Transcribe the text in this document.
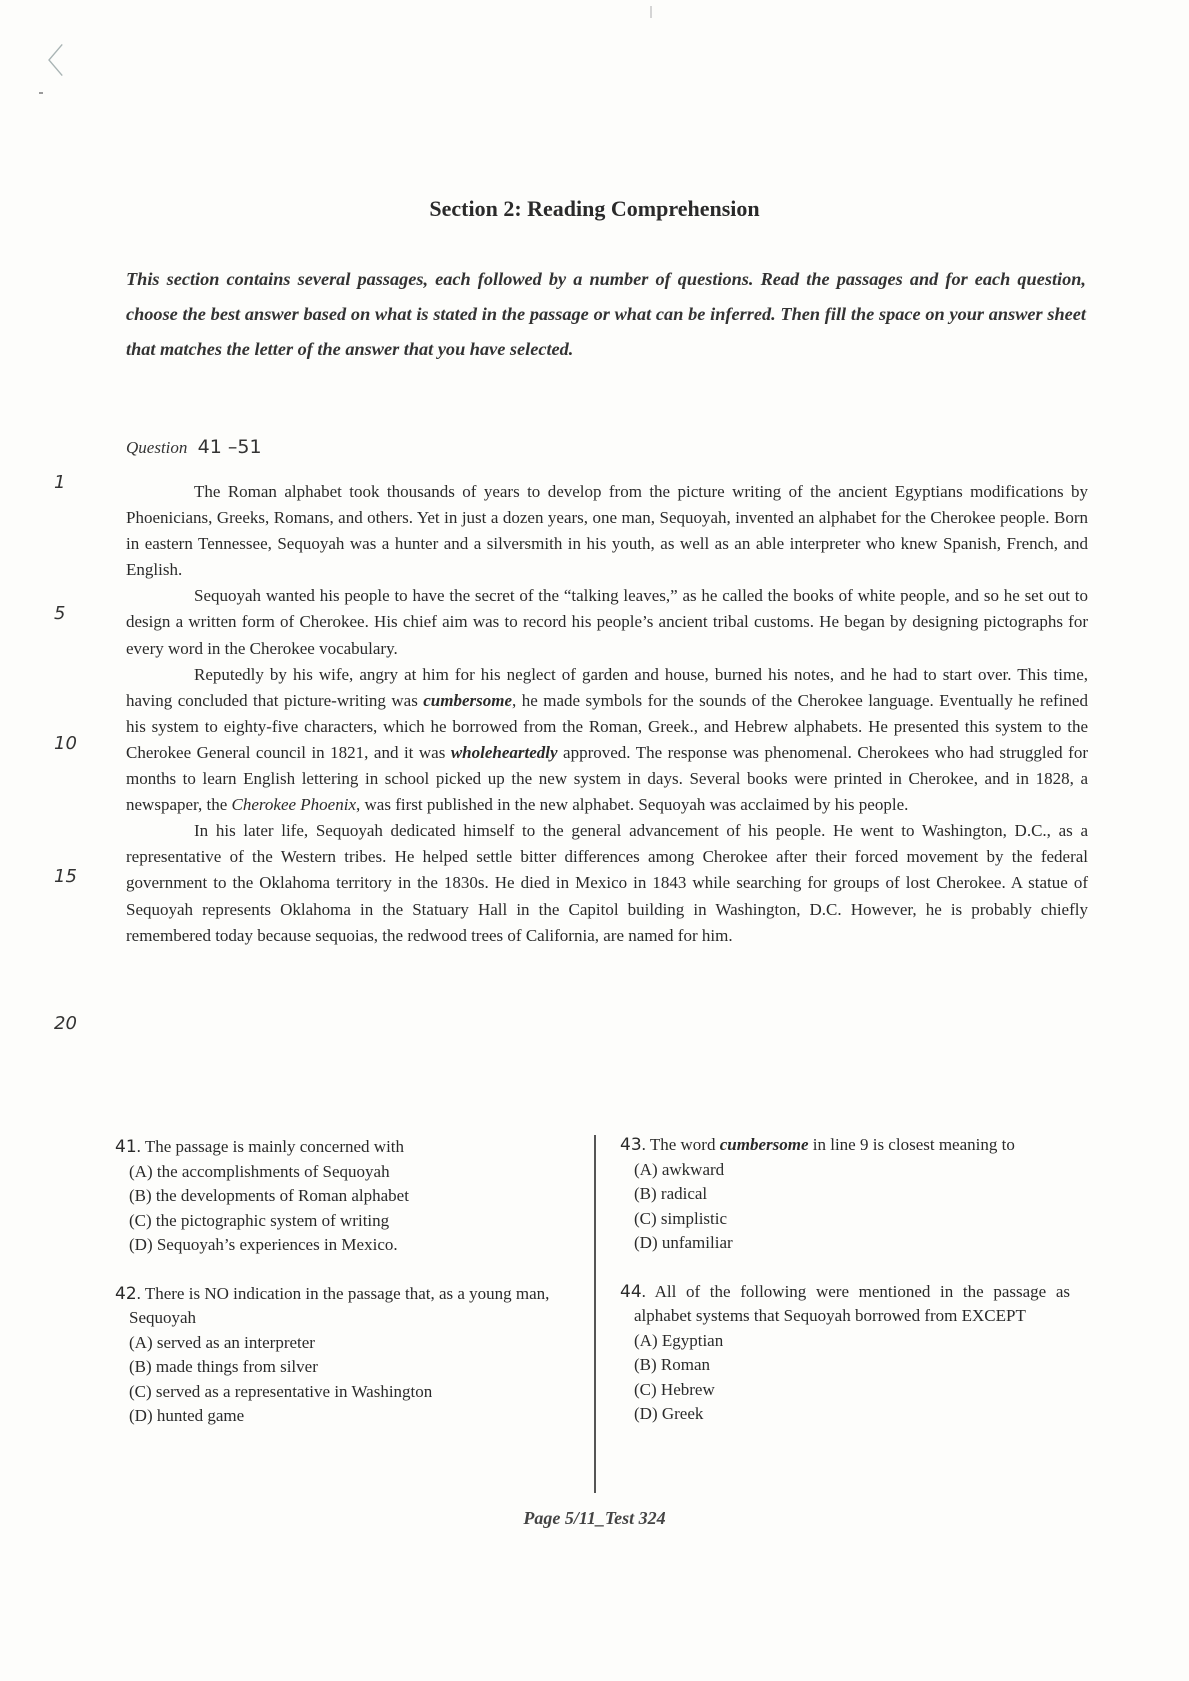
〈
Section 2: Reading Comprehension
This section contains several passages, each followed by a number of questions. Read the passages and for each question, choose the best answer based on what is stated in the passage or what can be inferred. Then fill the space on your answer sheet that matches the letter of the answer that you have selected.
Question 41 –51
1
5
10
15
20

The Roman alphabet took thousands of years to develop from the picture writing of the ancient Egyptians modifications by Phoenicians, Greeks, Romans, and others. Yet in just a dozen years, one man, Sequoyah, invented an alphabet for the Cherokee people. Born in eastern Tennessee, Sequoyah was a hunter and a silversmith in his youth, as well as an able interpreter who knew Spanish, French, and English.

Sequoyah wanted his people to have the secret of the “talking leaves,” as he called the books of white people, and so he set out to design a written form of Cherokee. His chief aim was to record his people’s ancient tribal customs. He began by designing pictographs for every word in the Cherokee vocabulary.

Reputedly by his wife, angry at him for his neglect of garden and house, burned his notes, and he had to start over. This time, having concluded that picture-writing was cumbersome, he made symbols for the sounds of the Cherokee language. Eventually he refined his system to eighty-five characters, which he borrowed from the Roman, Greek., and Hebrew alphabets. He presented this system to the Cherokee General council in 1821, and it was wholeheartedly approved. The response was phenomenal. Cherokees who had struggled for months to learn English lettering in school picked up the new system in days. Several books were printed in Cherokee, and in 1828, a newspaper, the Cherokee Phoenix, was first published in the new alphabet. Sequoyah was acclaimed by his people.

In his later life, Sequoyah dedicated himself to the general advancement of his people. He went to Washington, D.C., as a representative of the Western tribes. He helped settle bitter differences among Cherokee after their forced movement by the federal government to the Oklahoma territory in the 1830s. He died in Mexico in 1843 while searching for groups of lost Cherokee. A statue of Sequoyah represents Oklahoma in the Statuary Hall in the Capitol building in Washington, D.C. However, he is probably chiefly remembered today because sequoias, the redwood trees of California, are named for him.

41. The passage is mainly concerned with
(A) the accomplishments of Sequoyah
(B) the developments of Roman alphabet
(C) the pictographic system of writing
(D) Sequoyah’s experiences in Mexico.
42. There is NO indication in the passage that, as a young man, Sequoyah
(A) served as an interpreter
(B) made things from silver
(C) served as a representative in Washington
(D) hunted game
43. The word cumbersome in line 9 is closest meaning to
(A) awkward
(B) radical
(C) simplistic
(D) unfamiliar
44. All of the following were mentioned in the passage as alphabet systems that Sequoyah borrowed from EXCEPT
(A) Egyptian
(B) Roman
(C) Hebrew
(D) Greek
Page 5/11_Test 324
